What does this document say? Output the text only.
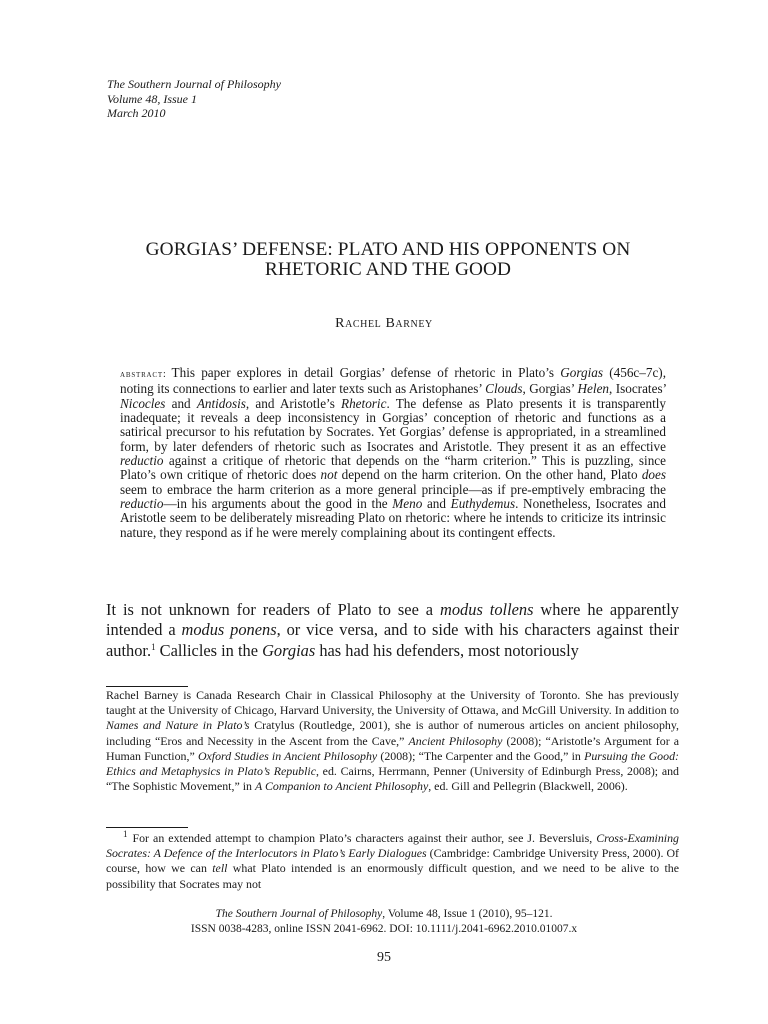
The Southern Journal of Philosophy
Volume 48, Issue 1
March 2010
GORGIAS’ DEFENSE: PLATO AND HIS OPPONENTS ON
RHETORIC AND THE GOOD
Rachel Barney
abstract: This paper explores in detail Gorgias’ defense of rhetoric in Plato’s Gorgias (456c–7c), noting its connections to earlier and later texts such as Aristophanes’ Clouds, Gorgias’ Helen, Isocrates’ Nicocles and Antidosis, and Aristotle’s Rhetoric. The defense as Plato presents it is transparently inadequate; it reveals a deep inconsistency in Gorgias’ conception of rhetoric and functions as a satirical precursor to his refutation by Socrates. Yet Gorgias’ defense is appropriated, in a streamlined form, by later defenders of rhetoric such as Isocrates and Aristotle. They present it as an effective reductio against a critique of rhetoric that depends on the “harm criterion.” This is puzzling, since Plato’s own critique of rhetoric does not depend on the harm criterion. On the other hand, Plato does seem to embrace the harm criterion as a more general principle—as if pre-emptively embracing the reductio—in his arguments about the good in the Meno and Euthydemus. Nonetheless, Isocrates and Aristotle seem to be deliberately misreading Plato on rhetoric: where he intends to criticize its intrinsic nature, they respond as if he were merely complaining about its contingent effects.
It is not unknown for readers of Plato to see a modus tollens where he apparently intended a modus ponens, or vice versa, and to side with his characters against their author.$^1$ Callicles in the Gorgias has had his defenders, most notoriously
Rachel Barney is Canada Research Chair in Classical Philosophy at the University of Toronto. She has previously taught at the University of Chicago, Harvard University, the University of Ottawa, and McGill University. In addition to Names and Nature in Plato’s Cratylus (Routledge, 2001), she is author of numerous articles on ancient philosophy, including “Eros and Necessity in the Ascent from the Cave,” Ancient Philosophy (2008); “Aristotle’s Argument for a Human Function,” Oxford Studies in Ancient Philosophy (2008); “The Carpenter and the Good,” in Pursuing the Good: Ethics and Metaphysics in Plato’s Republic, ed. Cairns, Herrmann, Penner (University of Edinburgh Press, 2008); and “The Sophistic Movement,” in A Companion to Ancient Philosophy, ed. Gill and Pellegrin (Blackwell, 2006).
$^1$ For an extended attempt to champion Plato’s characters against their author, see J. Beversluis, Cross-Examining Socrates: A Defence of the Interlocutors in Plato’s Early Dialogues (Cambridge: Cambridge University Press, 2000). Of course, how we can tell what Plato intended is an enormously difficult question, and we need to be alive to the possibility that Socrates may not
The Southern Journal of Philosophy, Volume 48, Issue 1 (2010), 95–121.
ISSN 0038-4283, online ISSN 2041-6962. DOI: 10.1111/j.2041-6962.2010.01007.x
95
